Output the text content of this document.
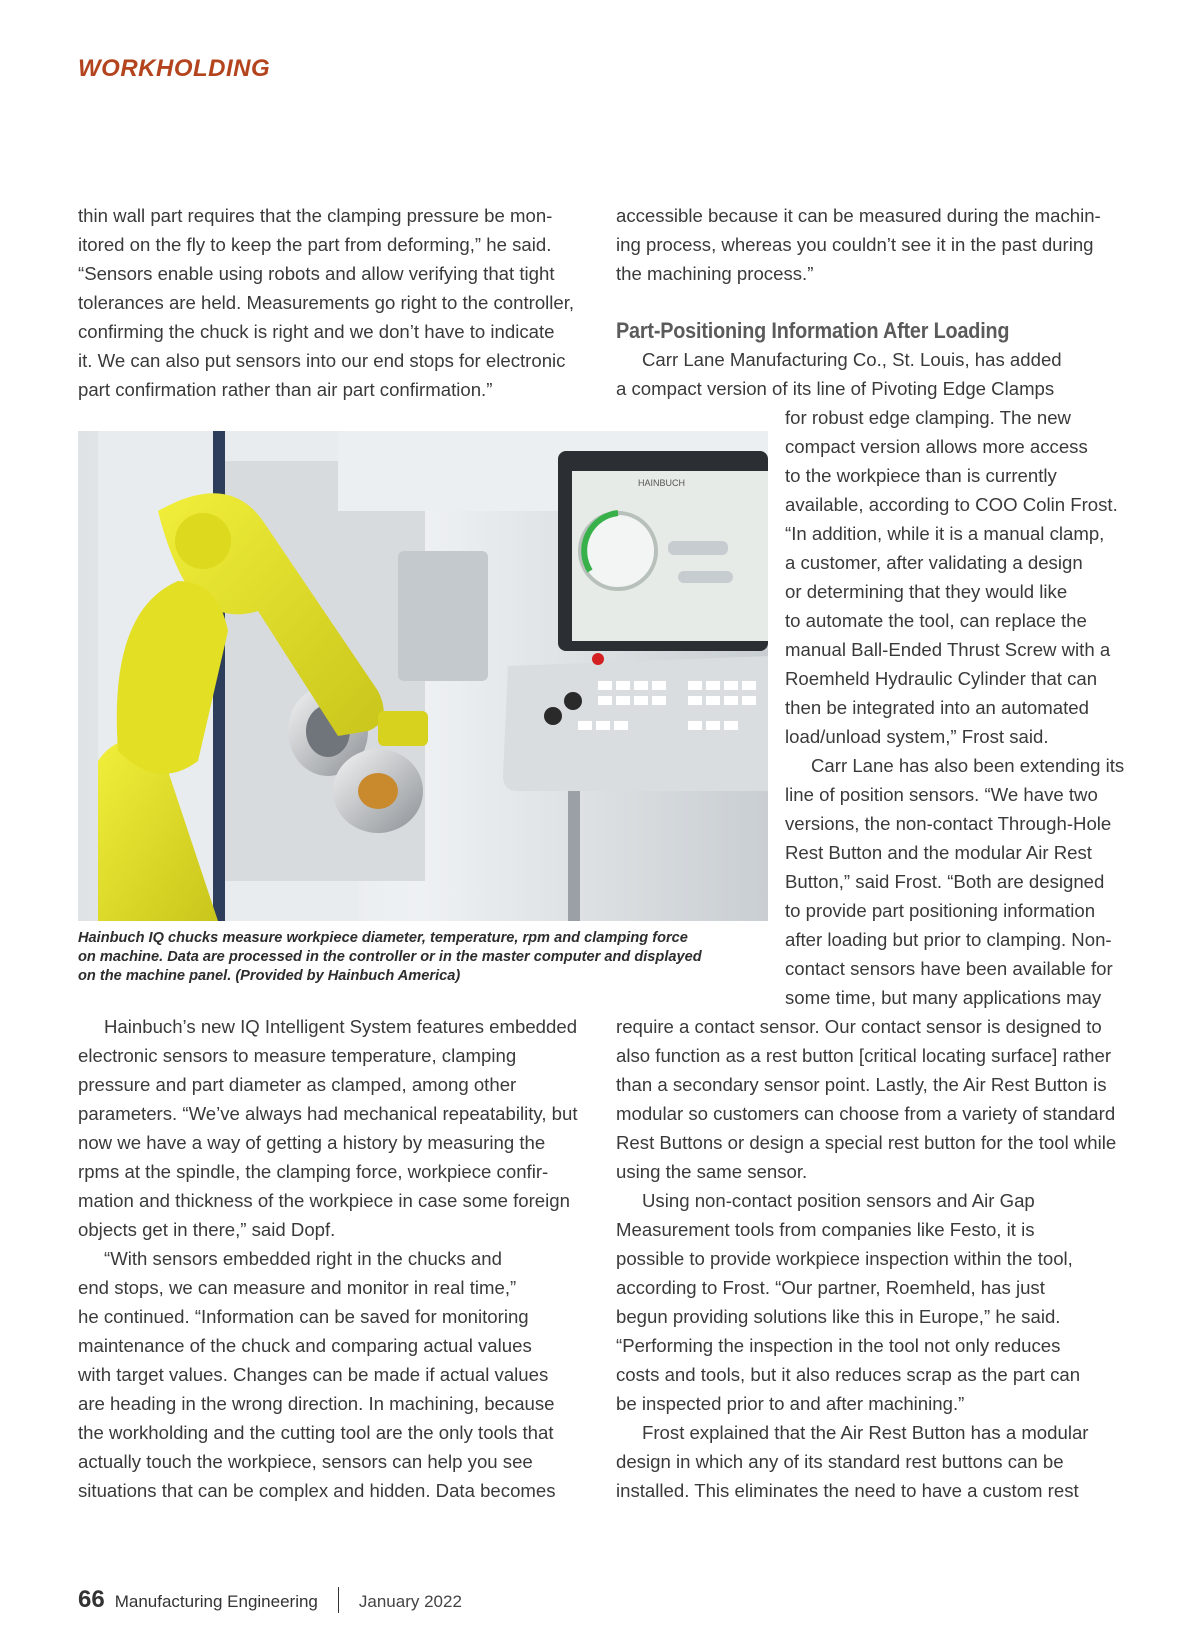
WORKHOLDING

thin wall part requires that the clamping pressure be mon-
itored on the fly to keep the part from deforming,” he said.
“Sensors enable using robots and allow verifying that tight
tolerances are held. Measurements go right to the controller,
confirming the chuck is right and we don’t have to indicate
it. We can also put sensors into our end stops for electronic
part confirmation rather than air part confirmation.”

accessible because it can be measured during the machin-
ing process, whereas you couldn’t see it in the past during
the machining process.”

Part-Positioning Information After Loading

Carr Lane Manufacturing Co., St. Louis, has added
a compact version of its line of Pivoting Edge Clamps

for robust edge clamping. The new
compact version allows more access
to the workpiece than is currently
available, according to COO Colin Frost.
“In addition, while it is a manual clamp,
a customer, after validating a design
or determining that they would like
to automate the tool, can replace the
manual Ball-Ended Thrust Screw with a
Roemheld Hydraulic Cylinder that can
then be integrated into an automated
load/unload system,” Frost said.

Carr Lane has also been extending its
line of position sensors. “We have two
versions, the non-contact Through-Hole
Rest Button and the modular Air Rest
Button,” said Frost. “Both are designed
to provide part positioning information
after loading but prior to clamping. Non-
contact sensors have been available for
some time, but many applications may

require a contact sensor. Our contact sensor is designed to
also function as a rest button [critical locating surface] rather
than a secondary sensor point. Lastly, the Air Rest Button is
modular so customers can choose from a variety of standard
Rest Buttons or design a special rest button for the tool while
using the same sensor.

Using non-contact position sensors and Air Gap
Measurement tools from companies like Festo, it is
possible to provide workpiece inspection within the tool,
according to Frost. “Our partner, Roemheld, has just
begun providing solutions like this in Europe,” he said.
“Performing the inspection in the tool not only reduces
costs and tools, but it also reduces scrap as the part can
be inspected prior to and after machining.”

Frost explained that the Air Rest Button has a modular
design in which any of its standard rest buttons can be
installed. This eliminates the need to have a custom rest

HAINBUCH

Hainbuch IQ chucks measure workpiece diameter, temperature, rpm and clamping force
on machine. Data are processed in the controller or in the master computer and displayed
on the machine panel. (Provided by Hainbuch America)

Hainbuch’s new IQ Intelligent System features embedded
electronic sensors to measure temperature, clamping
pressure and part diameter as clamped, among other
parameters. “We’ve always had mechanical repeatability, but
now we have a way of getting a history by measuring the
rpms at the spindle, the clamping force, workpiece confir-
mation and thickness of the workpiece in case some foreign
objects get in there,” said Dopf.

“With sensors embedded right in the chucks and
end stops, we can measure and monitor in real time,”
he continued. “Information can be saved for monitoring
maintenance of the chuck and comparing actual values
with target values. Changes can be made if actual values
are heading in the wrong direction. In machining, because
the workholding and the cutting tool are the only tools that
actually touch the workpiece, sensors can help you see
situations that can be complex and hidden. Data becomes

66 Manufacturing Engineering January 2022
